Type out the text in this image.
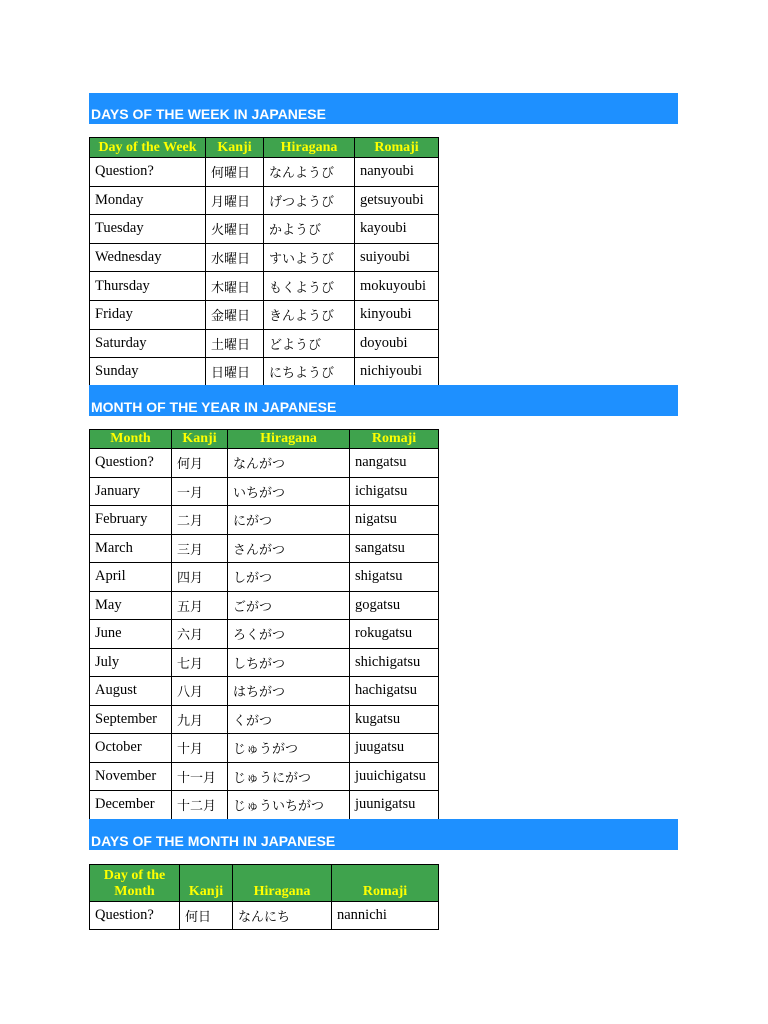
DAYS OF THE WEEK IN JAPANESE
Day of the Week	Kanji	Hiragana	Romaji
Question?	何曜日	なんようび	nanyoubi
Monday	月曜日	げつようび	getsuyoubi
Tuesday	火曜日	かようび	kayoubi
Wednesday	水曜日	すいようび	suiyoubi
Thursday	木曜日	もくようび	mokuyoubi
Friday	金曜日	きんようび	kinyoubi
Saturday	土曜日	どようび	doyoubi
Sunday	日曜日	にちようび	nichiyoubi
MONTH OF THE YEAR IN JAPANESE
Month	Kanji	Hiragana	Romaji
Question?	何月	なんがつ	nangatsu
January	一月	いちがつ	ichigatsu
February	二月	にがつ	nigatsu
March	三月	さんがつ	sangatsu
April	四月	しがつ	shigatsu
May	五月	ごがつ	gogatsu
June	六月	ろくがつ	rokugatsu
July	七月	しちがつ	shichigatsu
August	八月	はちがつ	hachigatsu
September	九月	くがつ	kugatsu
October	十月	じゅうがつ	juugatsu
November	十一月	じゅうにがつ	juuichigatsu
December	十二月	じゅういちがつ	juunigatsu
DAYS OF THE MONTH IN JAPANESE
Day of the Month	Kanji	Hiragana	Romaji
Question?	何日	なんにち	nannichi
